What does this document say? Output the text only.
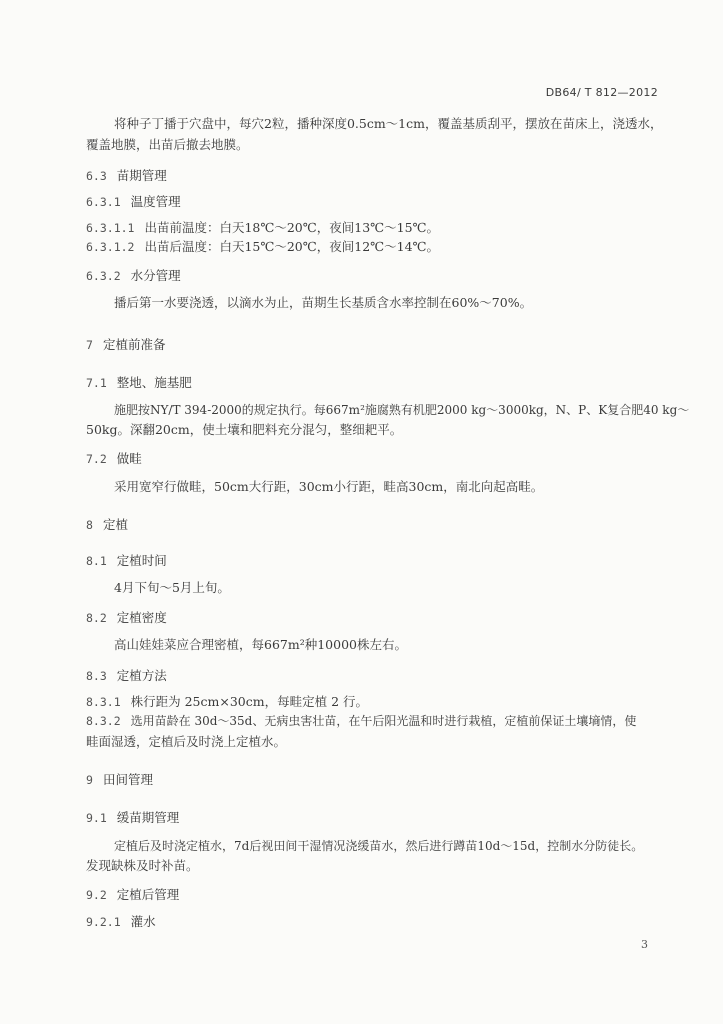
DB64/ T 812—2012
将种子丁播于穴盘中，每穴2粒，播种深度0.5cm～1cm，覆盖基质刮平，摆放在苗床上，浇透水，
覆盖地膜，出苗后撤去地膜。
6.3 苗期管理
6.3.1 温度管理
6.3.1.1 出苗前温度：白天18℃～20℃，夜间13℃～15℃。
6.3.1.2 出苗后温度：白天15℃～20℃，夜间12℃～14℃。
6.3.2 水分管理
播后第一水要浇透，以滴水为止，苗期生长基质含水率控制在60%～70%。
7 定植前准备
7.1 整地、施基肥
施肥按NY/T 394-2000的规定执行。每667m²施腐熟有机肥2000 kg～3000kg，N、P、K复合肥40 kg～
50kg。深翻20cm，使土壤和肥料充分混匀，整细耙平。
7.2 做畦
采用宽窄行做畦，50cm大行距，30cm小行距，畦高30cm，南北向起高畦。
8 定植
8.1 定植时间
4月下旬～5月上旬。
8.2 定植密度
高山娃娃菜应合理密植，每667m²种10000株左右。
8.3 定植方法
8.3.1 株行距为 25cm×30cm，每畦定植 2 行。
8.3.2 选用苗龄在 30d～35d、无病虫害壮苗，在午后阳光温和时进行栽植，定植前保证土壤墒情，使
畦面湿透，定植后及时浇上定植水。
9 田间管理
9.1 缓苗期管理
定植后及时浇定植水，7d后视田间干湿情况浇缓苗水，然后进行蹲苗10d～15d，控制水分防徒长。
发现缺株及时补苗。
9.2 定植后管理
9.2.1 灌水
3
